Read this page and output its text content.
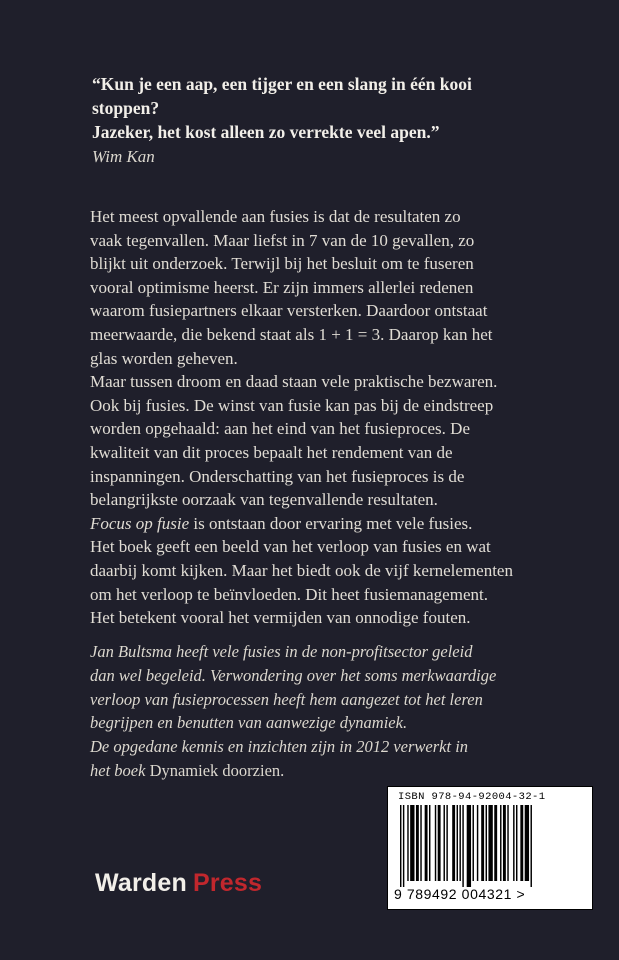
“Kun je een aap, een tijger en een slang in één kooi
stoppen?
Jazeker, het kost alleen zo verrekte veel apen.”
Wim Kan
Het meest opvallende aan fusies is dat de resultaten zo
vaak tegenvallen. Maar liefst in 7 van de 10 gevallen, zo
blijkt uit onderzoek. Terwijl bij het besluit om te fuseren
vooral optimisme heerst. Er zijn immers allerlei redenen
waarom fusiepartners elkaar versterken. Daardoor ontstaat
meerwaarde, die bekend staat als 1 + 1 = 3. Daarop kan het
glas worden geheven.
Maar tussen droom en daad staan vele praktische bezwaren.
Ook bij fusies. De winst van fusie kan pas bij de eindstreep
worden opgehaald: aan het eind van het fusieproces. De
kwaliteit van dit proces bepaalt het rendement van de
inspanningen. Onderschatting van het fusieproces is de
belangrijkste oorzaak van tegenvallende resultaten.
Focus op fusie is ontstaan door ervaring met vele fusies.
Het boek geeft een beeld van het verloop van fusies en wat
daarbij komt kijken. Maar het biedt ook de vijf kernelementen
om het verloop te beïnvloeden. Dit heet fusiemanagement.
Het betekent vooral het vermijden van onnodige fouten.
Jan Bultsma heeft vele fusies in de non-profitsector geleid
dan wel begeleid. Verwondering over het soms merkwaardige
verloop van fusieprocessen heeft hem aangezet tot het leren
begrijpen en benutten van aanwezige dynamiek.
De opgedane kennis en inzichten zijn in 2012 verwerkt in
het boek Dynamiek doorzien.
Warden Press
ISBN 978-94-92004-32-1
9 789492 004321 >
